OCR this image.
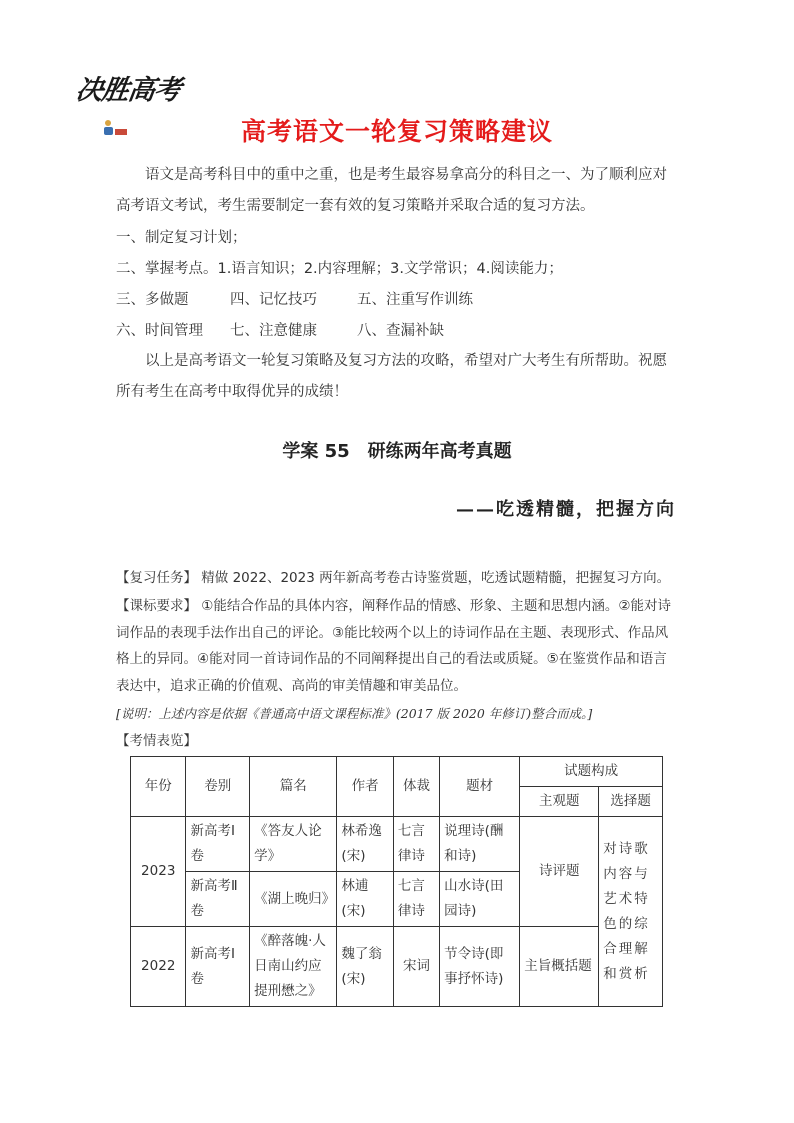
决胜高考
高考语文一轮复习策略建议
语文是高考科目中的重中之重，也是考生最容易拿高分的科目之一、为了顺利应对高考语文考试，考生需要制定一套有效的复习策略并采取合适的复习方法。
一、制定复习计划；
二、掌握考点。1.语言知识；2.内容理解；3.文学常识；4.阅读能力；
三、多做题	四、记忆技巧	五、注重写作训练
六、时间管理 七、注意健康	八、查漏补缺
以上是高考语文一轮复习策略及复习方法的攻略，希望对广大考生有所帮助。祝愿所有考生在高考中取得优异的成绩！
学案 55　研练两年高考真题
——吃透精髓，把握方向
【复习任务】 精做 2022、2023 两年新高考卷古诗鉴赏题，吃透试题精髓，把握复习方向。
【课标要求】 ①能结合作品的具体内容，阐释作品的情感、形象、主题和思想内涵。②能对诗词作品的表现手法作出自己的评论。③能比较两个以上的诗词作品在主题、表现形式、作品风格上的异同。④能对同一首诗词作品的不同阐释提出自己的看法或质疑。⑤在鉴赏作品和语言表达中，追求正确的价值观、高尚的审美情趣和审美品位。
[说明：上述内容是依据《普通高中语文课程标准》(2017 版 2020 年修订)整合而成。]
【考情表览】
年份	卷别	篇名	作者	体裁	题材	试题构成	
						主观题	选择题
2023	新高考Ⅰ卷	《答友人论学》	林希逸(宋)	七言律诗	说理诗(酬和诗)	诗评题	对诗歌内容与艺术特色的综合理解和赏析
	新高考Ⅱ卷	《湖上晚归》	林逋(宋)	七言律诗	山水诗(田园诗)		
2022	新高考Ⅰ卷	《醉落魄·人日南山约应提刑懋之》	魏了翁(宋)	宋词	节令诗(即事抒怀诗)	主旨概括题	
